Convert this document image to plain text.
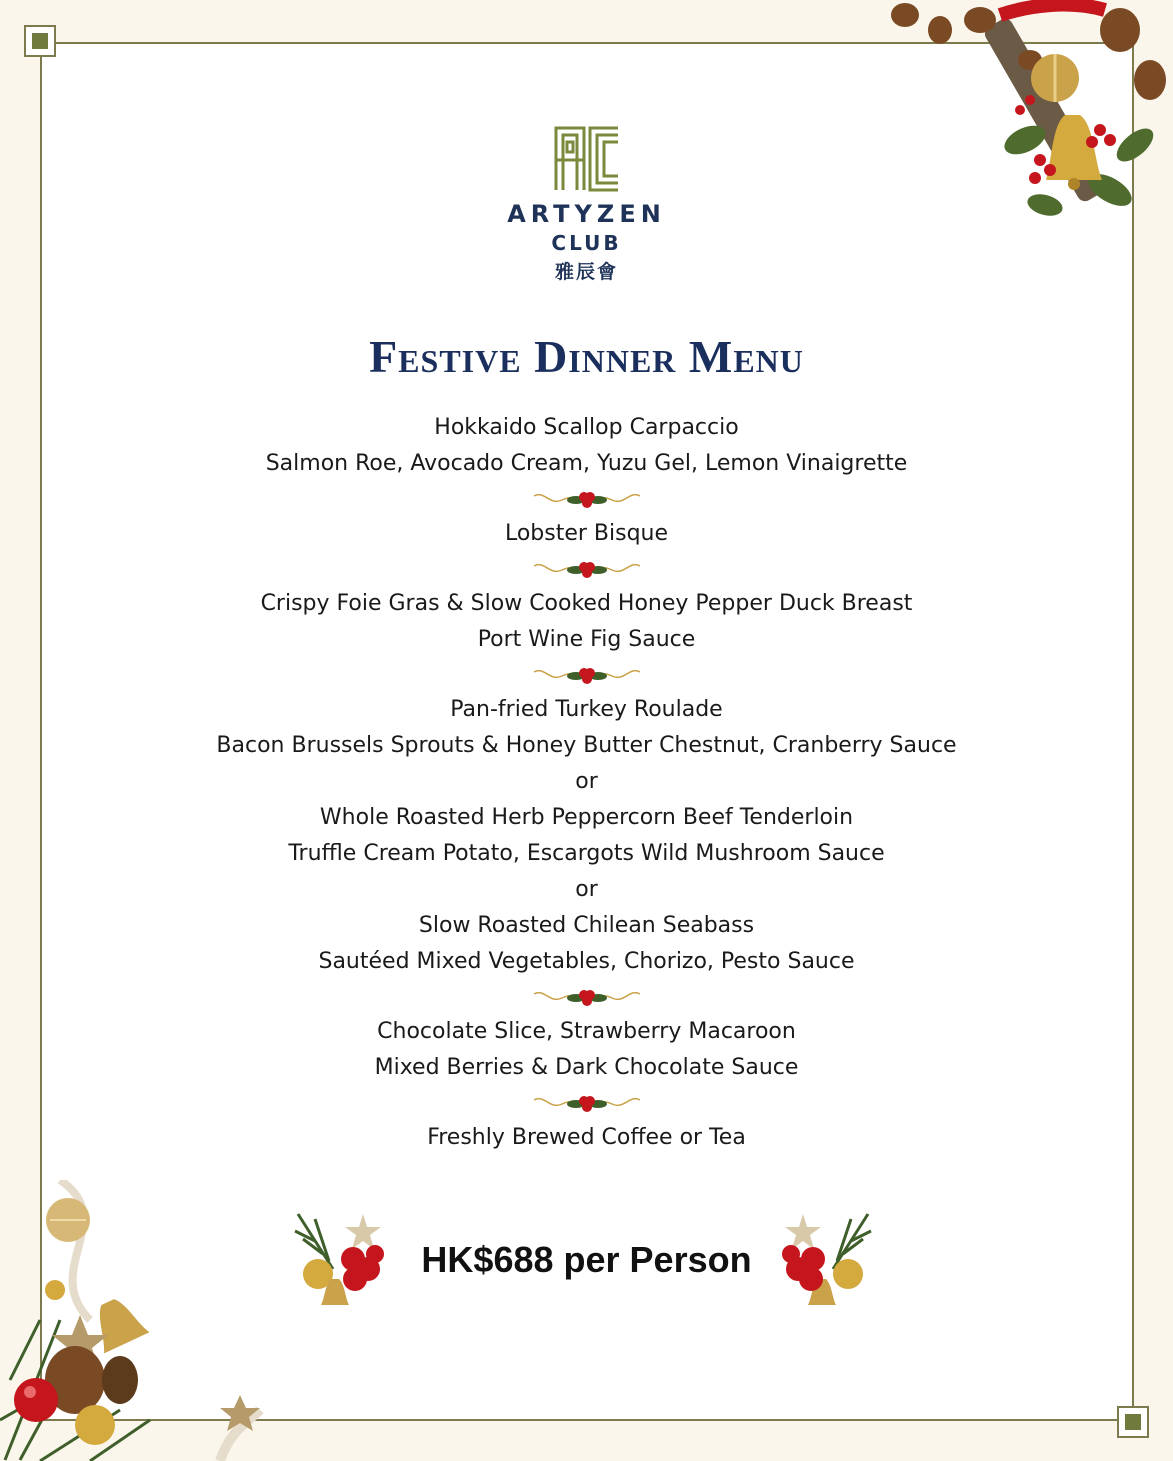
ARTYZEN
CLUB
雅辰會
Festive Dinner Menu
Hokkaido Scallop Carpaccio
Salmon Roe, Avocado Cream, Yuzu Gel, Lemon Vinaigrette
Lobster Bisque
Crispy Foie Gras & Slow Cooked Honey Pepper Duck Breast
Port Wine Fig Sauce
Pan-fried Turkey Roulade
Bacon Brussels Sprouts & Honey Butter Chestnut, Cranberry Sauce
or
Whole Roasted Herb Peppercorn Beef Tenderloin
Truffle Cream Potato, Escargots Wild Mushroom Sauce
or
Slow Roasted Chilean Seabass
Sautéed Mixed Vegetables, Chorizo, Pesto Sauce
Chocolate Slice, Strawberry Macaroon
Mixed Berries & Dark Chocolate Sauce
Freshly Brewed Coffee or Tea
HK$688 per Person
